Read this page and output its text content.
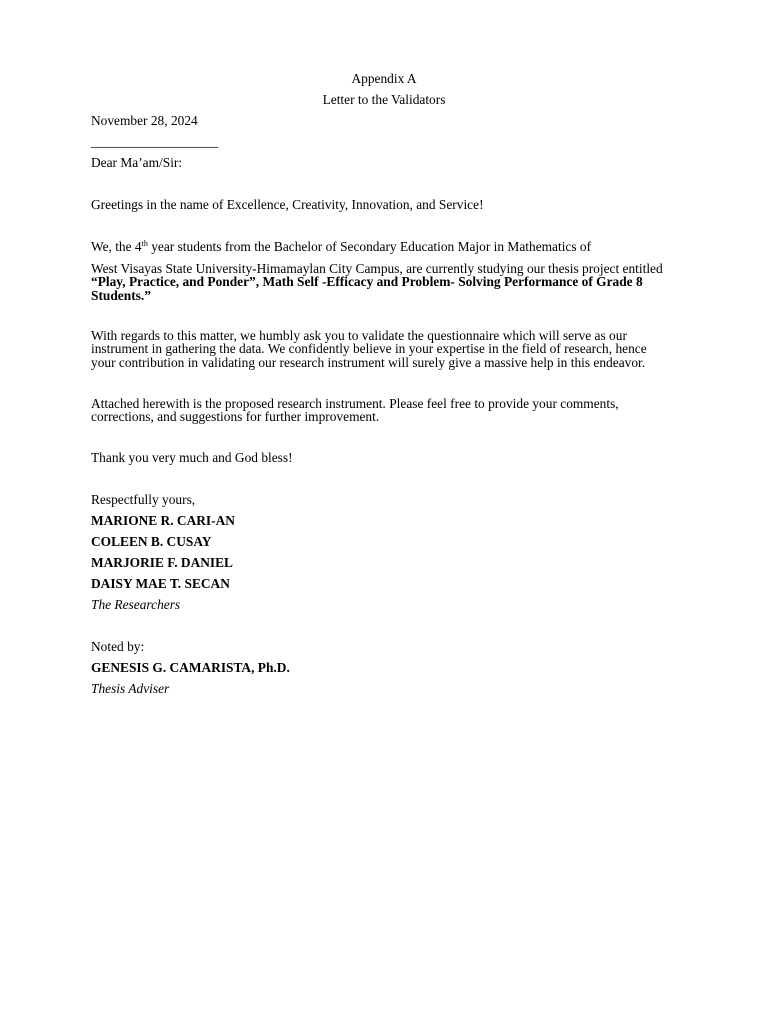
Appendix A
Letter to the Validators
November 28, 2024
___________________
Dear Ma’am/Sir:
Greetings in the name of Excellence, Creativity, Innovation, and Service!
We, the 4th year students from the Bachelor of Secondary Education Major in Mathematics of
West Visayas State University-Himamaylan City Campus, are currently studying our thesis project entitled “Play, Practice, and Ponder”, Math Self -Efficacy and Problem- Solving Performance of Grade 8 Students.”
With regards to this matter, we humbly ask you to validate the questionnaire which will serve as our instrument in gathering the data. We confidently believe in your expertise in the field of research, hence your contribution in validating our research instrument will surely give a massive help in this endeavor.
Attached herewith is the proposed research instrument. Please feel free to provide your comments, corrections, and suggestions for further improvement.
Thank you very much and God bless!
Respectfully yours,
MARIONE R. CARI-AN
COLEEN B. CUSAY
MARJORIE F. DANIEL
DAISY MAE T. SECAN
The Researchers
Noted by:
GENESIS G. CAMARISTA, Ph.D.
Thesis Adviser
